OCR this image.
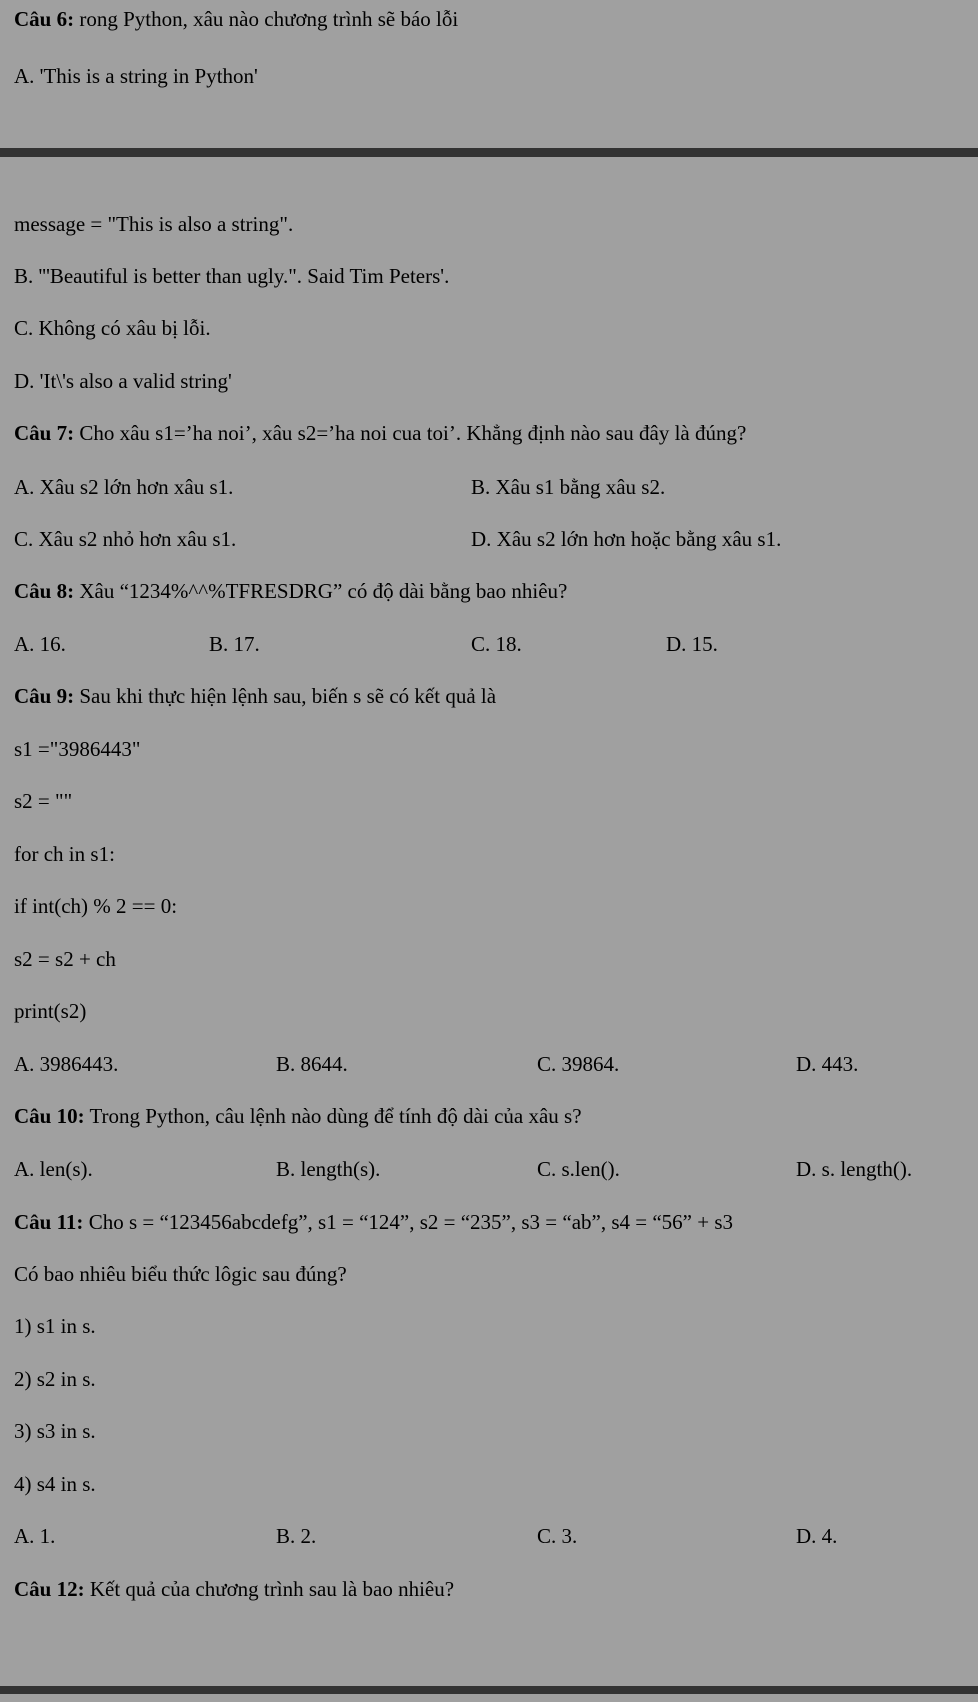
Câu 6: rong Python, xâu nào chương trình sẽ báo lỗi
A. 'This is a string in Python'
message = "This is also a string".
B. '''Beautiful is better than ugly.". Said Tim Peters'.
C. Không có xâu bị lỗi.
D. 'It\'s also a valid string'
Câu 7: Cho xâu s1=’ha noi’, xâu s2=’ha noi cua toi’. Khẳng định nào sau đây là đúng?
A. Xâu s2 lớn hơn xâu s1.	B. Xâu s1 bằng xâu s2.
C. Xâu s2 nhỏ hơn xâu s1.	D. Xâu s2 lớn hơn hoặc bằng xâu s1.
Câu 8: Xâu “1234%^^%TFRESDRG” có độ dài bằng bao nhiêu?
A. 16.	B. 17.	C. 18.	D. 15.
Câu 9: Sau khi thực hiện lệnh sau, biến s sẽ có kết quả là
s1 ="3986443"
s2 = ""
for ch in s1:
if int(ch) % 2 == 0:
s2 = s2 + ch
print(s2)
A. 3986443.	B. 8644.	C. 39864.	D. 443.
Câu 10: Trong Python, câu lệnh nào dùng để tính độ dài của xâu s?
A. len(s).	B. length(s).	C. s.len().	D. s. length().
Câu 11: Cho s = “123456abcdefg”, s1 = “124”, s2 = “235”, s3 = “ab”, s4 = “56” + s3
Có bao nhiêu biểu thức lôgic sau đúng?
1) s1 in s.
2) s2 in s.
3) s3 in s.
4) s4 in s.
A. 1.	B. 2.	C. 3.	D. 4.
Câu 12: Kết quả của chương trình sau là bao nhiêu?
